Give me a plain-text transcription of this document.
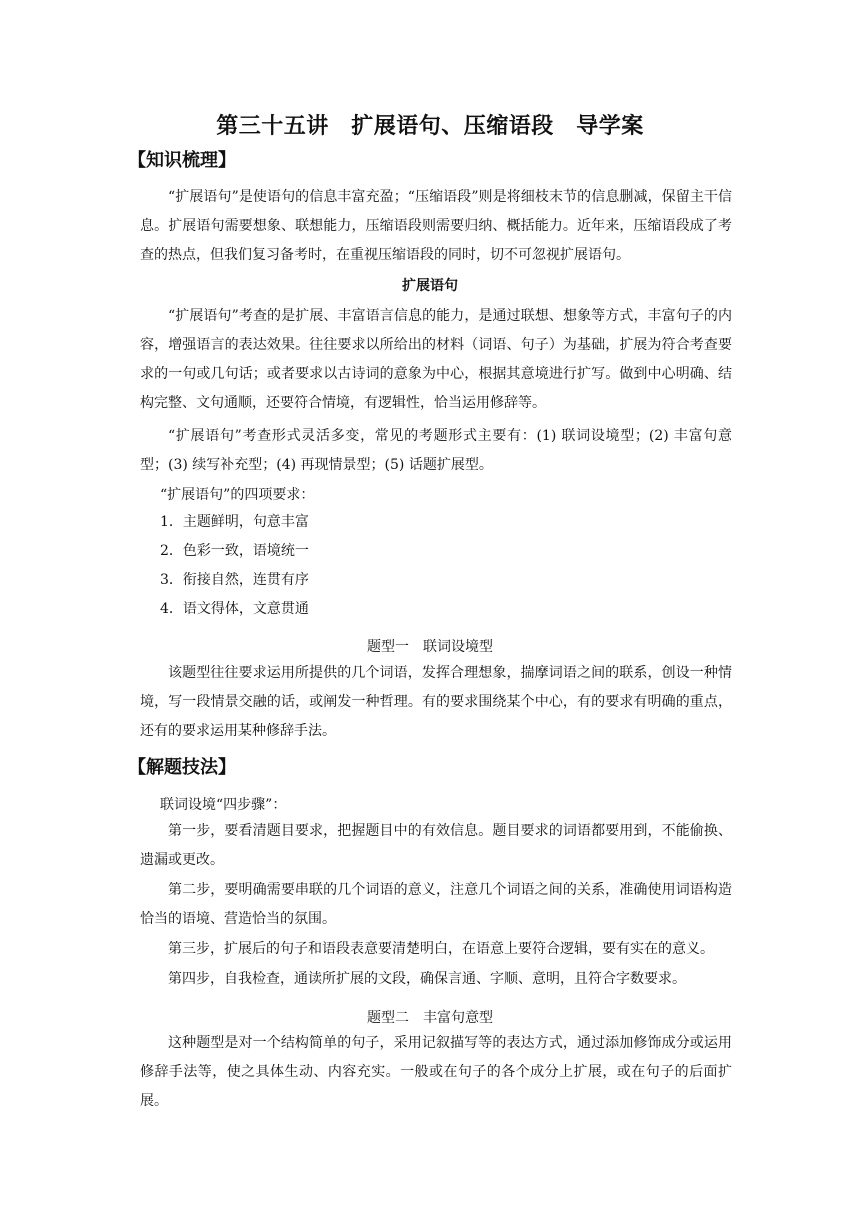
第三十五讲　扩展语句、压缩语段　导学案
【知识梳理】
“扩展语句”是使语句的信息丰富充盈；“压缩语段”则是将细枝末节的信息删减，保留主干信息。扩展语句需要想象、联想能力，压缩语段则需要归纳、概括能力。近年来，压缩语段成了考查的热点，但我们复习备考时，在重视压缩语段的同时，切不可忽视扩展语句。
扩展语句
“扩展语句”考查的是扩展、丰富语言信息的能力，是通过联想、想象等方式，丰富句子的内容，增强语言的表达效果。往往要求以所给出的材料（词语、句子）为基础，扩展为符合考查要求的一句或几句话；或者要求以古诗词的意象为中心，根据其意境进行扩写。做到中心明确、结构完整、文句通顺，还要符合情境，有逻辑性，恰当运用修辞等。
“扩展语句”考查形式灵活多变，常见的考题形式主要有：(1) 联词设境型；(2) 丰富句意型；(3) 续写补充型；(4) 再现情景型；(5) 话题扩展型。
“扩展语句”的四项要求：
1．主题鲜明，句意丰富
2．色彩一致，语境统一
3．衔接自然，连贯有序
4．语文得体，文意贯通
题型一　联词设境型
该题型往往要求运用所提供的几个词语，发挥合理想象，揣摩词语之间的联系，创设一种情境，写一段情景交融的话，或阐发一种哲理。有的要求围绕某个中心，有的要求有明确的重点，还有的要求运用某种修辞手法。
【解题技法】
联词设境“四步骤”：
第一步，要看清题目要求，把握题目中的有效信息。题目要求的词语都要用到，不能偷换、遗漏或更改。
第二步，要明确需要串联的几个词语的意义，注意几个词语之间的关系，准确使用词语构造恰当的语境、营造恰当的氛围。
第三步，扩展后的句子和语段表意要清楚明白，在语意上要符合逻辑，要有实在的意义。
第四步，自我检查，通读所扩展的文段，确保言通、字顺、意明，且符合字数要求。
题型二　丰富句意型
这种题型是对一个结构简单的句子，采用记叙描写等的表达方式，通过添加修饰成分或运用修辞手法等，使之具体生动、内容充实。一般或在句子的各个成分上扩展，或在句子的后面扩展。
